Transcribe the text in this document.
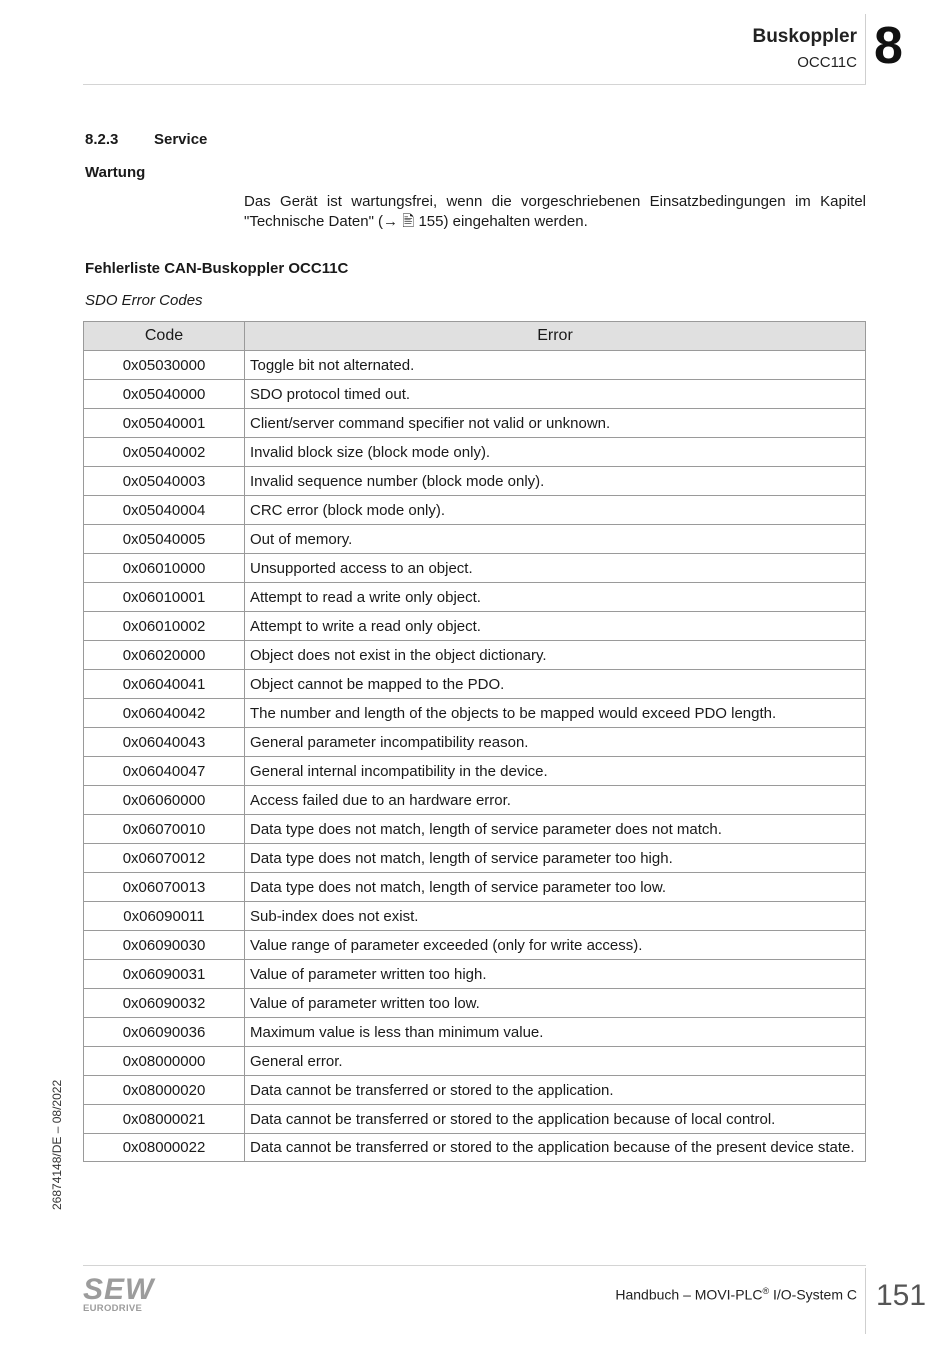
Buskoppler
OCC11C 8
8.2.3 Service
Wartung
Das Gerät ist wartungsfrei, wenn die vorgeschriebenen Einsatzbedingungen im Kapitel "Technische Daten" (→ 🖹 155) eingehalten werden.
Fehlerliste CAN-Buskoppler OCC11C
SDO Error Codes
Code	Error
0x05030000	Toggle bit not alternated.
0x05040000	SDO protocol timed out.
0x05040001	Client/server command specifier not valid or unknown.
0x05040002	Invalid block size (block mode only).
0x05040003	Invalid sequence number (block mode only).
0x05040004	CRC error (block mode only).
0x05040005	Out of memory.
0x06010000	Unsupported access to an object.
0x06010001	Attempt to read a write only object.
0x06010002	Attempt to write a read only object.
0x06020000	Object does not exist in the object dictionary.
0x06040041	Object cannot be mapped to the PDO.
0x06040042	The number and length of the objects to be mapped would exceed PDO length.
0x06040043	General parameter incompatibility reason.
0x06040047	General internal incompatibility in the device.
0x06060000	Access failed due to an hardware error.
0x06070010	Data type does not match, length of service parameter does not match.
0x06070012	Data type does not match, length of service parameter too high.
0x06070013	Data type does not match, length of service parameter too low.
0x06090011	Sub-index does not exist.
0x06090030	Value range of parameter exceeded (only for write access).
0x06090031	Value of parameter written too high.
0x06090032	Value of parameter written too low.
0x06090036	Maximum value is less than minimum value.
0x08000000	General error.
0x08000020	Data cannot be transferred or stored to the application.
0x08000021	Data cannot be transferred or stored to the application because of local control.
0x08000022	Data cannot be transferred or stored to the application because of the present device state.
26874148/DE – 08/2022
SEW
EURODRIVE
Handbuch – MOVI-PLC® I/O-System C 151
